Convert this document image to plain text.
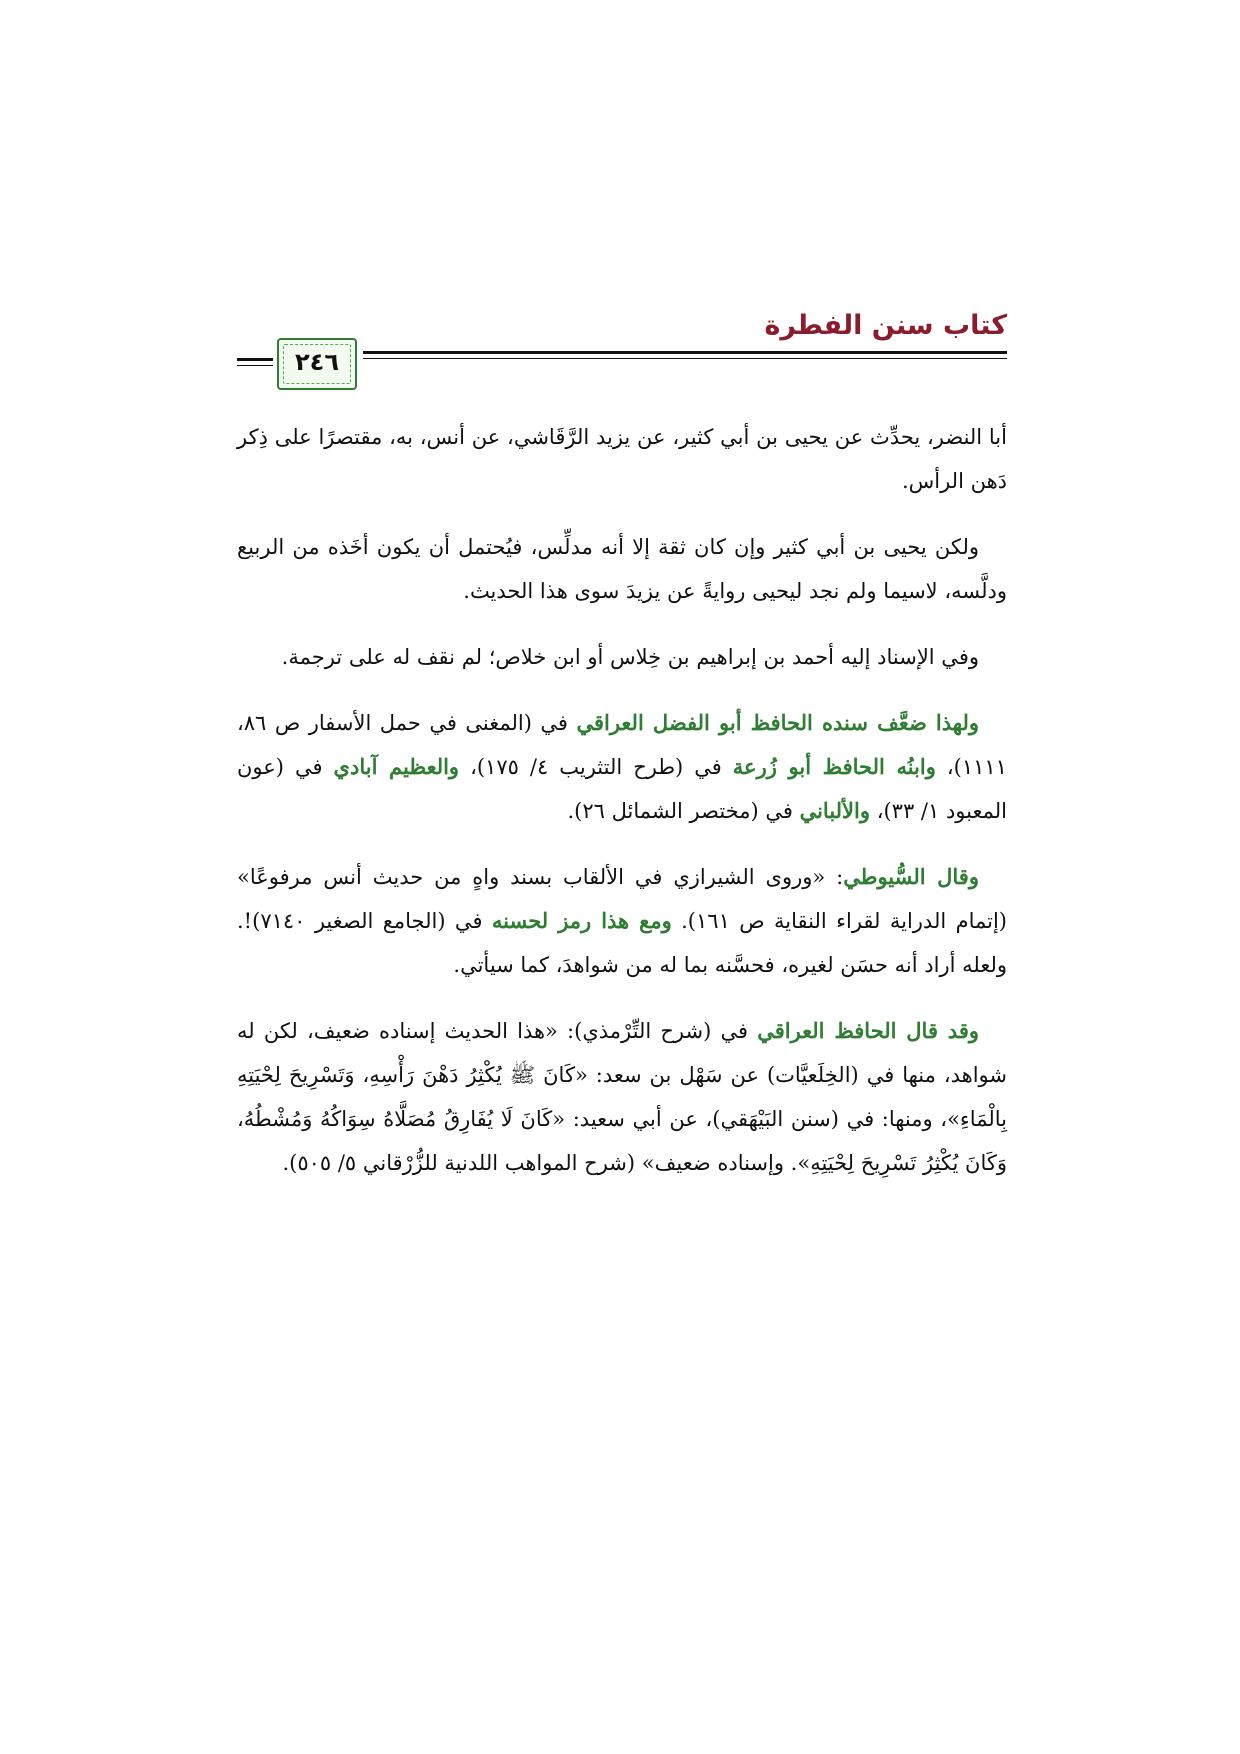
كتاب سنن الفطرة
٢٤٦

أبا النضر، يحدِّث عن يحيى بن أبي كثير، عن يزيد الرَّقَاشي، عن أنس، به، مقتصرًا على ذِكر دَهن الرأس.

ولكن يحيى بن أبي كثير وإن كان ثقة إلا أنه مدلِّس، فيُحتمل أن يكون أخَذه من الربيع ودلَّسه، لاسيما ولم نجد ليحيى روايةً عن يزيدَ سوى هذا الحديث.

وفي الإسناد إليه أحمد بن إبراهيم بن خِلاس أو ابن خلاص؛ لم نقف له على ترجمة.

ولهذا ضعَّف سنده الحافظ أبو الفضل العراقي في (المغنى في حمل الأسفار ص ٨٦، ١١١١)، وابنُه الحافظ أبو زُرعة في (طرح التثريب ٤/ ١٧٥)، والعظيم آبادي في (عون المعبود ١/ ٣٣)، والألباني في (مختصر الشمائل ٢٦).

وقال السُّيوطي: «وروى الشيرازي في الألقاب بسند واهٍ من حديث أنس مرفوعًا» (إتمام الدراية لقراء النقاية ص ١٦١). ومع هذا رمز لحسنه في (الجامع الصغير ٧١٤٠)!. ولعله أراد أنه حسَن لغيره، فحسَّنه بما له من شواهدَ، كما سيأتي.

وقد قال الحافظ العراقي في (شرح التِّرْمذي): «هذا الحديث إسناده ضعيف، لكن له شواهد، منها في (الخِلَعيَّات) عن سَهْل بن سعد: «كَانَ ﷺ يُكْثِرُ دَهْنَ رَأْسِهِ، وَتَسْرِيحَ لِحْيَتِهِ بِالْمَاءِ»، ومنها: في (سنن البَيْهَقي)، عن أبي سعيد: «كَانَ لَا يُفَارِقُ مُصَلَّاهُ سِوَاكُهُ وَمُشْطُهُ، وَكَانَ يُكْثِرُ تَسْرِيحَ لِحْيَتِهِ». وإسناده ضعيف» (شرح المواهب اللدنية للزُّرْقاني ٥/ ٥٠٥).
